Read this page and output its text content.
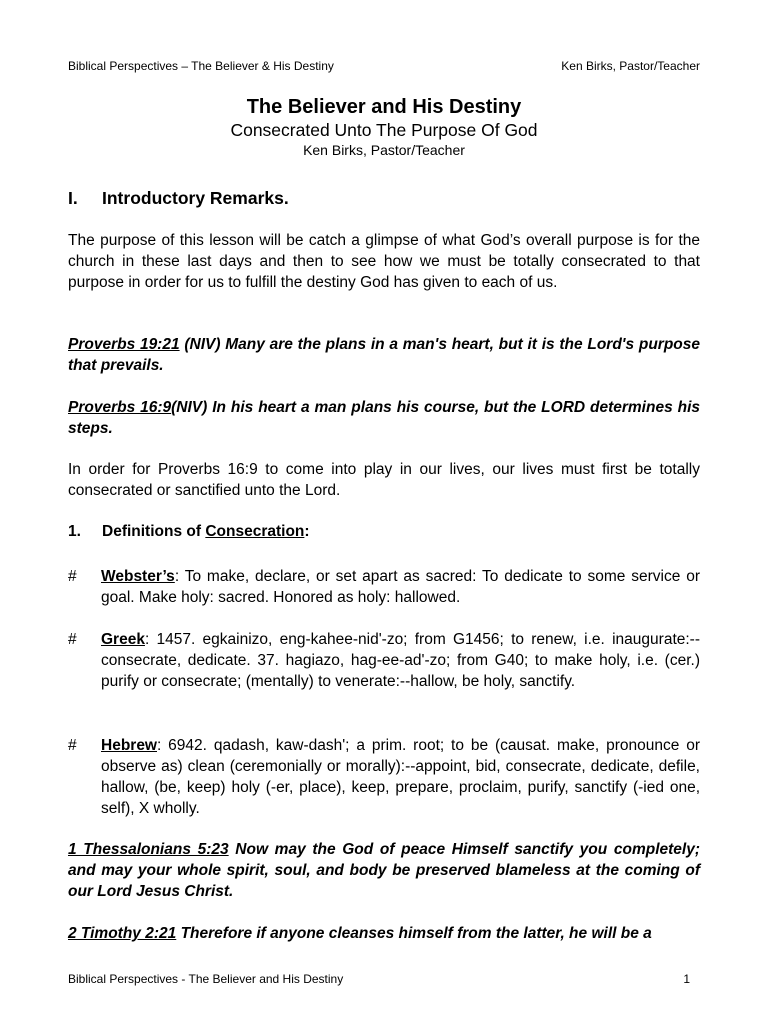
Biblical Perspectives – The Believer & His Destiny	Ken Birks, Pastor/Teacher
The Believer and His Destiny
Consecrated Unto The Purpose Of God
Ken Birks, Pastor/Teacher
I. Introductory Remarks.
The purpose of this lesson will be catch a glimpse of what God’s overall purpose is for the church in these last days and then to see how we must be totally consecrated to that purpose in order for us to fulfill the destiny God has given to each of us.
Proverbs 19:21 (NIV) Many are the plans in a man's heart, but it is the Lord's purpose that prevails.
Proverbs 16:9(NIV) In his heart a man plans his course, but the LORD determines his steps.
In order for Proverbs 16:9 to come into play in our lives, our lives must first be totally consecrated or sanctified unto the Lord.
1. Definitions of Consecration:
# Webster’s: To make, declare, or set apart as sacred: To dedicate to some service or goal. Make holy: sacred. Honored as holy: hallowed.
# Greek: 1457. egkainizo, eng-kahee-nid'-zo; from G1456; to renew, i.e. inaugurate:--consecrate, dedicate. 37. hagiazo, hag-ee-ad'-zo; from G40; to make holy, i.e. (cer.) purify or consecrate; (mentally) to venerate:--hallow, be holy, sanctify.
# Hebrew: 6942. qadash, kaw-dash'; a prim. root; to be (causat. make, pronounce or observe as) clean (ceremonially or morally):--appoint, bid, consecrate, dedicate, defile, hallow, (be, keep) holy (-er, place), keep, prepare, proclaim, purify, sanctify (-ied one, self), X wholly.
1 Thessalonians 5:23 Now may the God of peace Himself sanctify you completely; and may your whole spirit, soul, and body be preserved blameless at the coming of our Lord Jesus Christ.
2 Timothy 2:21 Therefore if anyone cleanses himself from the latter, he will be a
Biblical Perspectives - The Believer and His Destiny	1
